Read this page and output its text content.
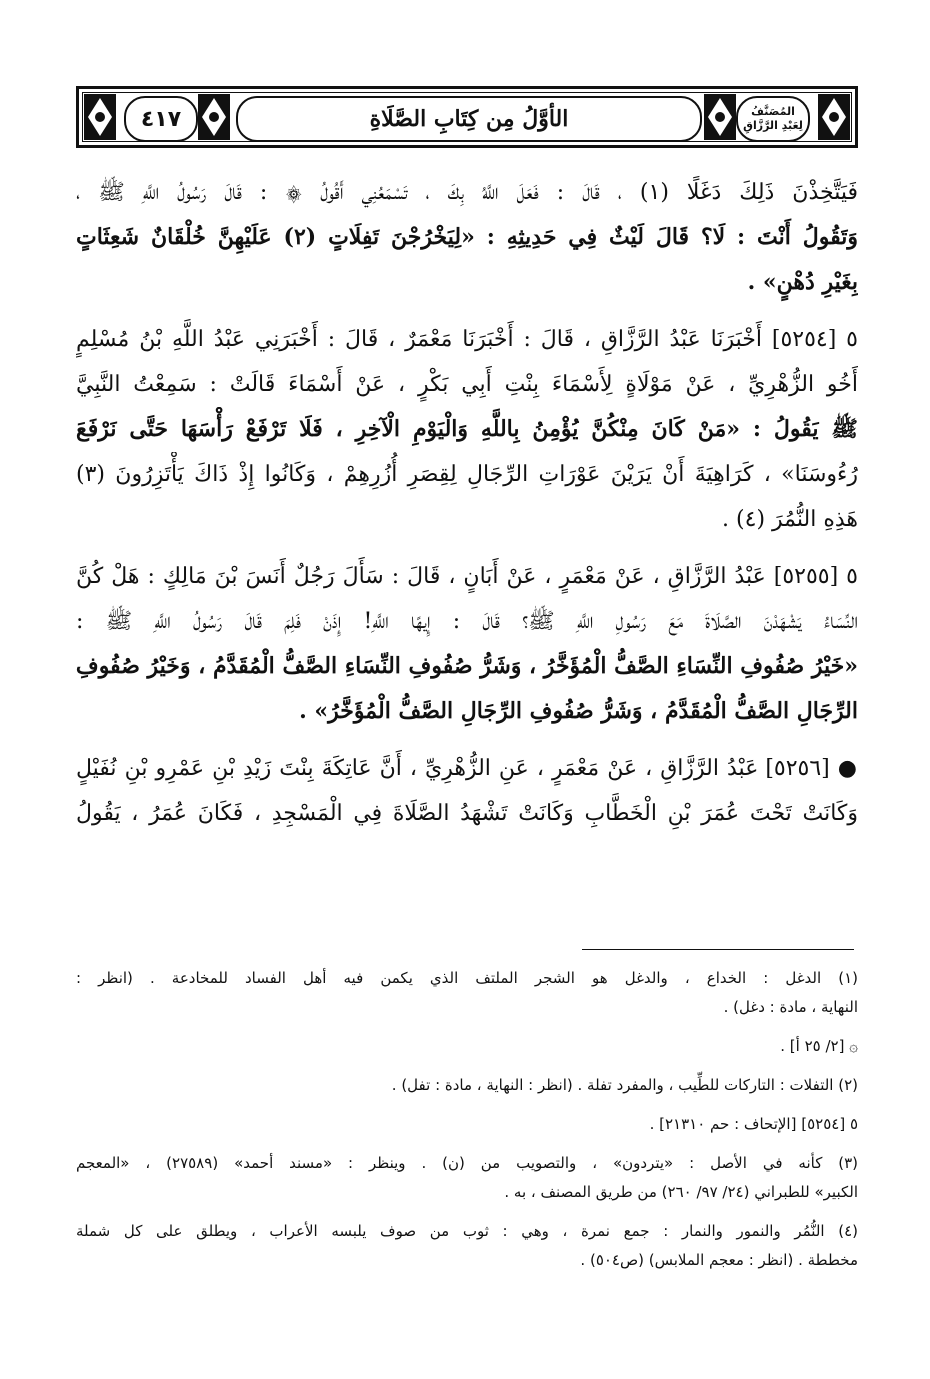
٤١٧	الأوَّلُ مِن كِتَابِ الصَّلَاةِ	المُصَنَّفُ
لِعَبْدِ الرَّزَّاقِ
فَيَتَّخِذْنَ ذَلِكَ دَغَلًا (١) ، قَالَ : فَعَلَ اللَّهُ بِكَ ، تَسْمَعُنِي أَقُولُ ۞ : قَالَ رَسُولُ اللَّهِ ﷺ ،
وَتَقُولُ أَنْتَ : لَا؟ قَالَ لَيْثٌ فِي حَدِيثِهِ : «لِيَخْرُجْنَ تَفِلَاتٍ (٢) عَلَيْهِنَّ خُلْقَانٌ شَعِثَاتٍ
بِغَيْرِ دُهْنٍ» .
٥ [٥٢٥٤] أَخْبَرَنَا عَبْدُ الرَّزَّاقِ ، قَالَ : أَخْبَرَنَا مَعْمَرٌ ، قَالَ : أَخْبَرَنِي عَبْدُ اللَّهِ بْنُ مُسْلِمٍ
أَخُو الزُّهْرِيِّ ، عَنْ مَوْلَاةٍ لِأَسْمَاءَ بِنْتِ أَبِي بَكْرٍ ، عَنْ أَسْمَاءَ قَالَتْ : سَمِعْتُ النَّبِيَّ
ﷺ يَقُولُ : «مَنْ كَانَ مِنْكُنَّ يُؤْمِنُ بِاللَّهِ وَالْيَوْمِ الْآخِرِ ، فَلَا تَرْفَعْ رَأْسَهَا حَتَّى نَرْفَعَ
رُءُوسَنَا» ، كَرَاهِيَةَ أَنْ يَرَيْنَ عَوْرَاتِ الرِّجَالِ لِقِصَرِ أُزُرِهِمْ ، وَكَانُوا إِذْ ذَاكَ يَأْتَزِرُونَ (٣)
هَذِهِ النُّمُرَ (٤) .
٥ [٥٢٥٥] عَبْدُ الرَّزَّاقِ ، عَنْ مَعْمَرٍ ، عَنْ أَبَانٍ ، قَالَ : سَأَلَ رَجُلٌ أَنَسَ بْنَ مَالِكٍ : هَلْ كُنَّ
النِّسَاءُ يَشْهَدْنَ الصَّلَاةَ مَعَ رَسُولِ اللَّهِ ﷺ؟ قَالَ : إِيهًا اللَّهِ! إِذَنْ فَلِمَ قَالَ رَسُولُ اللَّهِ ﷺ :
«خَيْرُ صُفُوفِ النِّسَاءِ الصَّفُّ الْمُؤَخَّرُ ، وَشَرُّ صُفُوفِ النِّسَاءِ الصَّفُّ الْمُقَدَّمُ ، وَخَيْرُ صُفُوفِ
الرِّجَالِ الصَّفُّ الْمُقَدَّمُ ، وَشَرُّ صُفُوفِ الرِّجَالِ الصَّفُّ الْمُؤَخَّرُ» .
● [٥٢٥٦] عَبْدُ الرَّزَّاقِ ، عَنْ مَعْمَرٍ ، عَنِ الزُّهْرِيِّ ، أَنَّ عَاتِكَةَ بِنْتَ زَيْدِ بْنِ عَمْرِو بْنِ نُفَيْلٍ
وَكَانَتْ تَحْتَ عُمَرَ بْنِ الْخَطَّابِ وَكَانَتْ تَشْهَدُ الصَّلَاةَ فِي الْمَسْجِدِ ، فَكَانَ عُمَرُ ، يَقُولُ
(١) الدغل : الخداع ، والدغل هو الشجر الملتف الذي يكمن فيه أهل الفساد للمخادعة . (انظر :
النهاية ، مادة : دغل) .
۞ [٢/ ٢٥ أ] .
(٢) التفلات : التاركات للطِّيب ، والمفرد تفلة . (انظر : النهاية ، مادة : تفل) .
٥ [٥٢٥٤] [الإتحاف : حم ٢١٣١٠] .
(٣) كأنه في الأصل : «يتردون» ، والتصويب من (ن) . وينظر : «مسند أحمد» (٢٧٥٨٩) ، «المعجم
الكبير» للطبراني (٢٤/ ٩٧/ ٢٦٠) من طريق المصنف ، به .
(٤) النُّمُر والنمور والنمار : جمع نمرة ، وهي : ثوب من صوف يلبسه الأعراب ، ويطلق على كل شملة
مخططة . (انظر : معجم الملابس) (ص٥٠٤) .
